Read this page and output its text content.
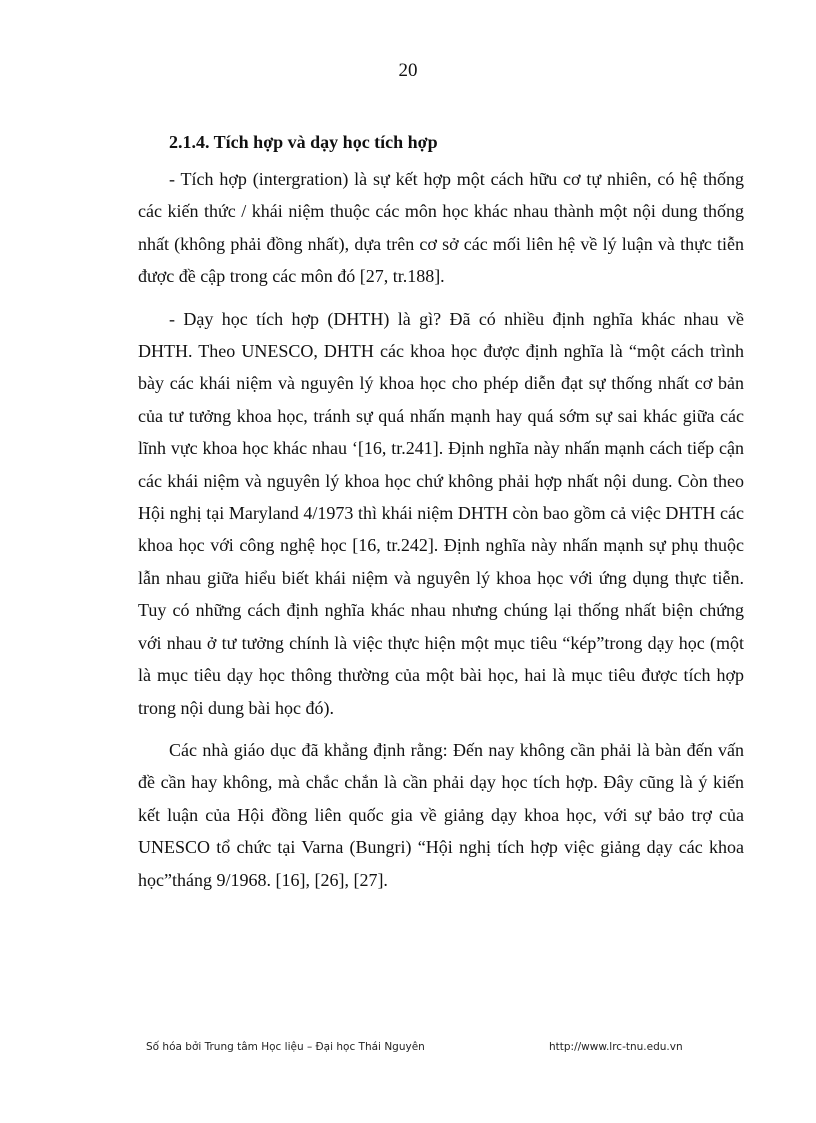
20
2.1.4. Tích hợp và dạy học tích hợp

- Tích hợp (intergration) là sự kết hợp một cách hữu cơ tự nhiên, có hệ thống các kiến thức / khái niệm thuộc các môn học khác nhau thành một nội dung thống nhất (không phải đồng nhất), dựa trên cơ sở các mối liên hệ về lý luận và thực tiễn được đề cập trong các môn đó [27, tr.188].

- Dạy học tích hợp (DHTH) là gì? Đã có nhiều định nghĩa khác nhau về DHTH. Theo UNESCO, DHTH các khoa học được định nghĩa là “một cách trình bày các khái niệm và nguyên lý khoa học cho phép diễn đạt sự thống nhất cơ bản của tư tưởng khoa học, tránh sự quá nhấn mạnh hay quá sớm sự sai khác giữa các lĩnh vực khoa học khác nhau ‘[16, tr.241]. Định nghĩa này nhấn mạnh cách tiếp cận các khái niệm và nguyên lý khoa học chứ không phải hợp nhất nội dung. Còn theo Hội nghị tại Maryland 4/1973 thì khái niệm DHTH còn bao gồm cả việc DHTH các khoa học với công nghệ học [16, tr.242]. Định nghĩa này nhấn mạnh sự phụ thuộc lẫn nhau giữa hiểu biết khái niệm và nguyên lý khoa học với ứng dụng thực tiễn. Tuy có những cách định nghĩa khác nhau nhưng chúng lại thống nhất biện chứng với nhau ở tư tưởng chính là việc thực hiện một mục tiêu “kép”trong dạy học (một là mục tiêu dạy học thông thường của một bài học, hai là mục tiêu được tích hợp trong nội dung bài học đó).

Các nhà giáo dục đã khẳng định rằng: Đến nay không cần phải là bàn đến vấn đề cần hay không, mà chắc chắn là cần phải dạy học tích hợp. Đây cũng là ý kiến kết luận của Hội đồng liên quốc gia về giảng dạy khoa học, với sự bảo trợ của UNESCO tổ chức tại Varna (Bungri) “Hội nghị tích hợp việc giảng dạy các khoa học”tháng 9/1968. [16], [26], [27].

Số hóa bởi Trung tâm Học liệu – Đại học Thái Nguyên	http://www.lrc-tnu.edu.vn
